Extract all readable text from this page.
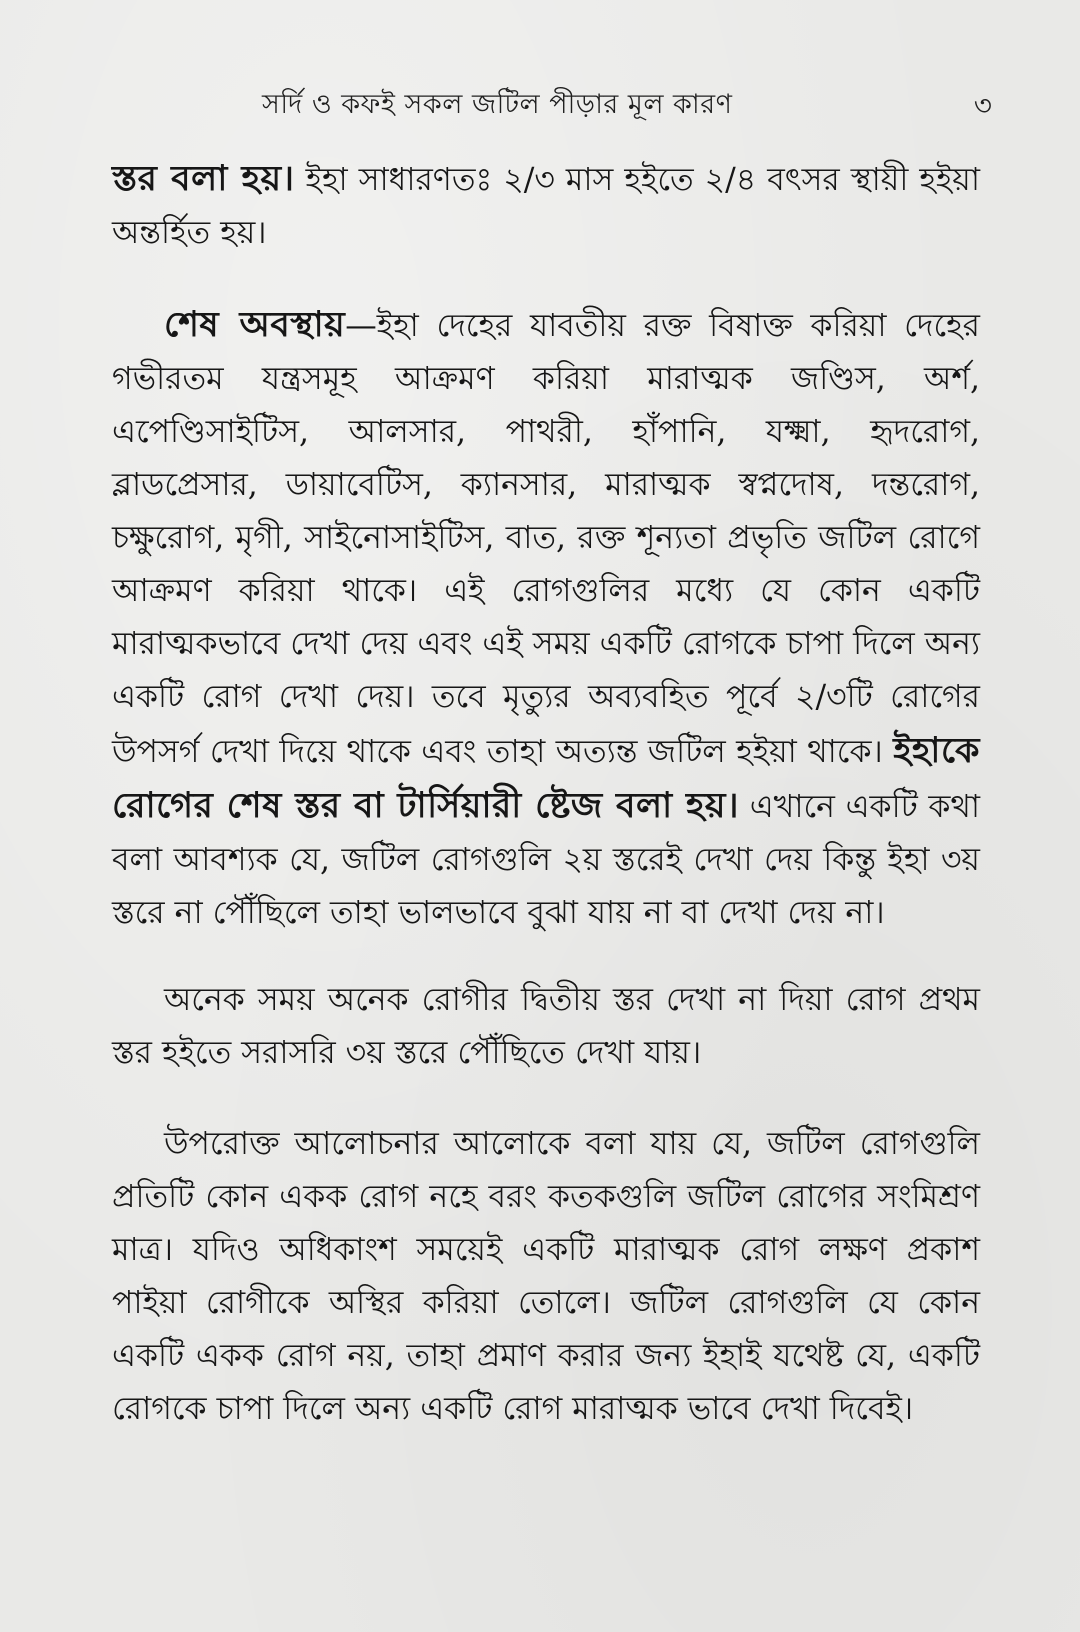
সর্দি ও কফই সকল জটিল পীড়ার মূল কারণ	৩

স্তর বলা হয়। ইহা সাধারণতঃ ২/৩ মাস হইতে ২/৪ বৎসর স্থায়ী হইয়া অন্তর্হিত হয়।

শেষ অবস্থায়—ইহা দেহের যাবতীয় রক্ত বিষাক্ত করিয়া দেহের গভীরতম যন্ত্রসমূহ আক্রমণ করিয়া মারাত্মক জণ্ডিস, অর্শ, এপেণ্ডিসাইটিস, আলসার, পাথরী, হাঁপানি, যক্ষ্মা, হৃদরোগ, ব্লাডপ্রেসার, ডায়াবেটিস, ক্যানসার, মারাত্মক স্বপ্নদোষ, দন্তরোগ, চক্ষুরোগ, মৃগী, সাইনোসাইটিস, বাত, রক্ত শূন্যতা প্রভৃতি জটিল রোগে আক্রমণ করিয়া থাকে। এই রোগগুলির মধ্যে যে কোন একটি মারাত্মকভাবে দেখা দেয় এবং এই সময় একটি রোগকে চাপা দিলে অন্য একটি রোগ দেখা দেয়। তবে মৃত্যুর অব্যবহিত পূর্বে ২/৩টি রোগের উপসর্গ দেখা দিয়ে থাকে এবং তাহা অত্যন্ত জটিল হইয়া থাকে। ইহাকে রোগের শেষ স্তর বা টার্সিয়ারী ষ্টেজ বলা হয়। এখানে একটি কথা বলা আবশ্যক যে, জটিল রোগগুলি ২য় স্তরেই দেখা দেয় কিন্তু ইহা ৩য় স্তরে না পৌঁছিলে তাহা ভালভাবে বুঝা যায় না বা দেখা দেয় না।

অনেক সময় অনেক রোগীর দ্বিতীয় স্তর দেখা না দিয়া রোগ প্রথম স্তর হইতে সরাসরি ৩য় স্তরে পৌঁছিতে দেখা যায়।

উপরোক্ত আলোচনার আলোকে বলা যায় যে, জটিল রোগগুলি প্রতিটি কোন একক রোগ নহে বরং কতকগুলি জটিল রোগের সংমিশ্রণ মাত্র। যদিও অধিকাংশ সময়েই একটি মারাত্মক রোগ লক্ষণ প্রকাশ পাইয়া রোগীকে অস্থির করিয়া তোলে। জটিল রোগগুলি যে কোন একটি একক রোগ নয়, তাহা প্রমাণ করার জন্য ইহাই যথেষ্ট যে, একটি রোগকে চাপা দিলে অন্য একটি রোগ মারাত্মক ভাবে দেখা দিবেই।
